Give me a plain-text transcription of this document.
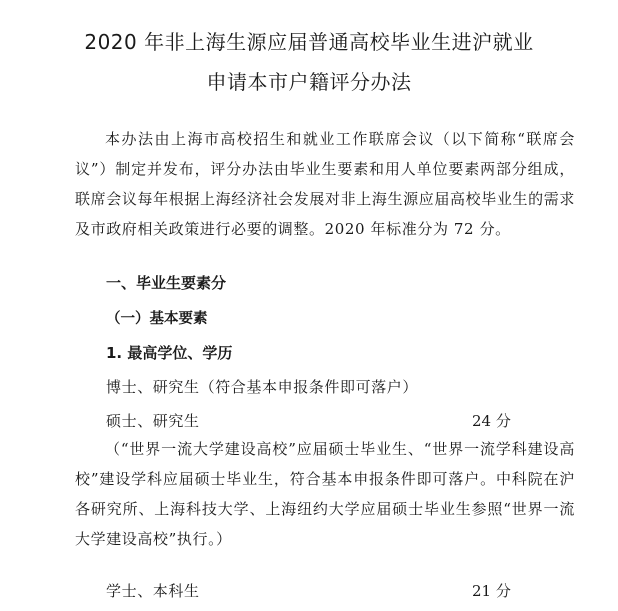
2020 年非上海生源应届普通高校毕业生进沪就业
申请本市户籍评分办法
本办法由上海市高校招生和就业工作联席会议（以下简称“联席会议”）制定并发布，评分办法由毕业生要素和用人单位要素两部分组成，联席会议每年根据上海经济社会发展对非上海生源应届高校毕业生的需求及市政府相关政策进行必要的调整。2020 年标准分为 72 分。
一、毕业生要素分
（一）基本要素
1. 最高学位、学历
博士、研究生（符合基本申报条件即可落户）
硕士、研究生	24 分
（“世界一流大学建设高校”应届硕士毕业生、“世界一流学科建设高校”建设学科应届硕士毕业生，符合基本申报条件即可落户。中科院在沪各研究所、上海科技大学、上海纽约大学应届硕士毕业生参照“世界一流大学建设高校”执行。）
学士、本科生	21 分
